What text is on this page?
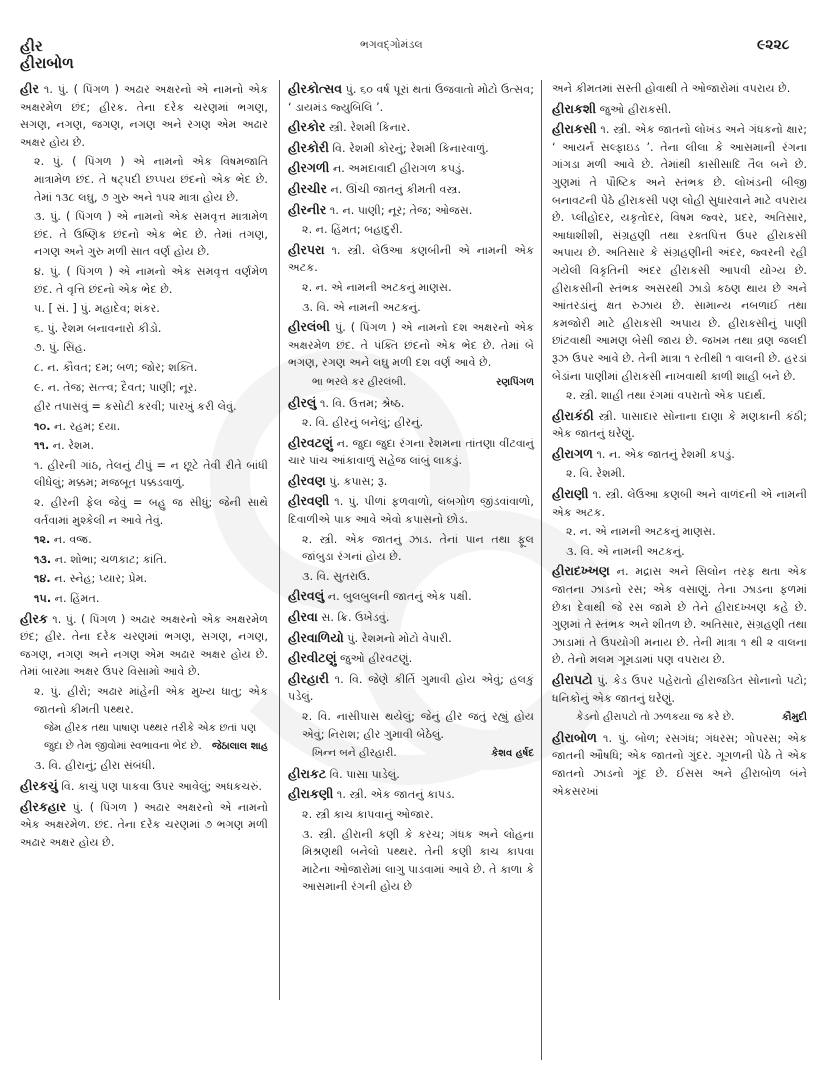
હીર
હીરાબોળ
ભગવદ્ગોમંડલ	૯૨૨૮

હીર ૧. પું. ( પિંગળ ) અઢાર અક્ષરનો એ નામનો એક અક્ષરમેળ છંદ; હીરક. તેના દરેક ચરણમાં ભગણ, સગણ, નગણ, જગણ, નગણ અને રગણ એમ અઢાર અક્ષર હોય છે.

૨. પું. ( પિંગળ ) એ નામનો એક વિષમજાતિ માત્રામેળ છંદ. તે ષટ્પદી છપ્પય છંદનો એક ભેદ છે. તેમાં ૧૩૮ લઘુ, ૭ ગુરુ અને ૧૫૨ માત્રા હોય છે.

૩. પું. ( પિંગળ ) એ નામનો એક સમવૃત્ત માત્રામેળ છંદ. તે ઉષ્ણિક છંદનો એક ભેદ છે. તેમાં તગણ, નગણ અને ગુરુ મળી સાત વર્ણ હોય છે.

૪. પું. ( પિંગળ ) એ નામનો એક સમવૃત્ત વર્ણમેળ છંદ. તે વૃત્તિ છંદનો એક ભેદ છે.

૫. [ સં. ] પું. મહાદેવ; શંકર.

૬. પું. રેશમ બનાવનારો કીડો.

૭. પું. સિંહ.

૮. ન. કૌવત; દમ; બળ; જોર; શક્તિ.

૯. ન. તેજ; સત્ત્વ; દૈવત; પાણી; નૂર.

હીર તપાસવું = કસોટી કરવી; પારખું કરી લેવું.

૧૦. ન. રહમ; દયા.

૧૧. ન. રેશમ.

૧. હીરની ગાંઠ, તેલનું ટીપું = ન છૂટે તેવી રીતે બાંધી લીધેલું; મક્કમ; મજબૂત પક્કડવાળું.

૨. હીરની ફેલ જેવું = બહુ જ સીધું; જેની સાથે વર્તવામાં મુશ્કેલી ન આવે તેવું.

૧૨. ન. વજ્ર.

૧૩. ન. શોભા; ચળકાટ; કાંતિ.

૧૪. ન. સ્નેહ; પ્યાર; પ્રેમ.

૧૫. ન. હિંમત.

હીરક ૧. પું. ( પિંગળ ) અઢાર અક્ષરનો એક અક્ષરમેળ છંદ; હીર. તેના દરેક ચરણમાં ભગણ, સગણ, નગણ, જગણ, નગણ અને નગણ એમ અઢાર અક્ષર હોય છે. તેમાં બારમા અક્ષર ઉપર વિસામો આવે છે.

૨. પું. હીરો; અઢાર માંહેની એક મુખ્ય ધાતુ; એક જાતનો કીમતી પથ્થર.

જેમ હીરક તથા પાષાણ પથ્થર તરીકે એક છતાં પણ જુદા છે તેમ જીવોમાં સ્વભાવના ભેદ છે. જેઠાલાલ શાહ

૩. વિ. હીરાનું; હીરા સંબંધી.

હીરકચું વિ. કાચું પણ પાકવા ઉપર આવેલું; અધકચરું.

હીરકહાર પું. ( પિંગળ ) અઢાર અક્ષરનો એ નામનો એક અક્ષરમેળ. છંદ. તેના દરેક ચરણમાં ૭ ભગણ મળી અઢાર અક્ષર હોય છે.

હીરકોત્સવ પું. ૬૦ વર્ષ પૂરાં થતાં ઉજવાતો મોટો ઉત્સવ; ‘ ડાયમંડ જ્યુબિલિ ’.

હીરકોર સ્ત્રી. રેશમી કિનાર.

હીરકોરી વિ. રેશમી કોરનું; રેશમી કિનારવાળું.

હીરગળી ન. અમદાવાદી હીરાગળ કપડું.

હીરચીર ન. ઊંચી જાતનું કીમતી વસ્ત્ર.

હીરનીર ૧. ન. પાણી; નૂર; તેજ; ઓજસ.

૨. ન. હિંમત; બહાદુરી.

હીરપરા ૧. સ્ત્રી. લેઉઆ કણબીની એ નામની એક અટક.

૨. ન. એ નામની અટકનું માણસ.

૩. વિ. એ નામની અટકનું.

હીરલંબી પું. ( પિંગળ ) એ નામનો દશ અક્ષરનો એક અક્ષરમેળ છંદ. તે પંક્તિ છંદનો એક ભેદ છે. તેમાં બે ભગણ, રગણ અને લઘુ મળી દશ વર્ણ આવે છે.

ભા ભરલે કર હીરલંબી.	રણપિંગળ

હીરલું ૧. વિ. ઉત્તમ; શ્રેષ્ઠ.

૨. વિ. હીરનું બનેલું; હીરનું.

હીરવટણું ન. જુદા જુદા રંગના રેશમના તાંતણા વીંટવાનું ચાર પાંચ આંકાવાળું સહેજ લાંબું લાકડું.

હીરવણ પું. કપાસ; રૂ.

હીરવણી ૧. પું. પીળાં ફળવાળો, લંબગોળ જીંડવાંવાળો, દિવાળીએ પાક આવે એવો કપાસનો છોડ.

૨. સ્ત્રી. એક જાતનું ઝાડ. તેનાં પાન તથા ફૂલ જાંબુડા રંગનાં હોય છે.

૩. વિ. સુતરાઉ.

હીરવલું ન. બુલબુલની જાતનું એક પક્ષી.

હીરવા સ. ક્રિ. ઉખેડવું.

હીરવાળિયો પું. રેશમનો મોટો વેપારી.

હીરવીટણું જુઓ હીરવટણું.

હીરહારી ૧. વિ. જેણે કીર્તિ ગુમાવી હોય એવું; હલકું પડેલું.

૨. વિ. નાસીપાસ થયેલું; જેનું હીર જતું રહ્યું હોય એવું; નિરાશ; હીર ગુમાવી બેઠેલું.

ખિન્ન બને હીરહારી.	કેશવ હર્ષદ

હીરાકટ વિ. પાસા પાડેલું.

હીરાકણી ૧. સ્ત્રી. એક જાતનું કાપડ.

૨. સ્ત્રી કાચ કાપવાનું ઓજાર.

૩. સ્ત્રી. હીરાની કણી કે કરચ; ગંધક અને લોહના મિશ્રણથી બનેલો પથ્થર. તેની કણી કાચ કાપવા માટેના ઓજારોમાં લાગુ પાડવામાં આવે છે. તે કાળા કે આસમાની રંગની હોય છે

અને કીમતમાં સસ્તી હોવાથી તે ઓજારોમાં વપરાય છે.

હીરાકશી જુઓ હીરાકસી.

હીરાકસી ૧. સ્ત્રી. એક જાતનો લોખંડ અને ગંધકનો ક્ષાર; ‘ આયર્ન સલ્ફાઇડ ’. તેના લીલા કે આસમાની રંગના ગાંગડા મળી આવે છે. તેમાંથી કાસીસાદિ તૈલ બને છે. ગુણમાં તે પૌષ્ટિક અને સ્તંભક છે. લોખંડની બીજી બનાવટની પેઠે હીરાકસી પણ લોહી સુધારવાને માટે વપરાય છે. પ્લીહોદર, યકૃતોદર, વિષમ જ્વર, પ્રદર, અતિસાર, આધાશીશી, સંગ્રહણી તથા રક્તપિત્ત ઉપર હીરાકસી અપાય છે. અતિસાર કે સંગ્રહણીની અંદર, જ્વરની રહી ગયેલી વિકૃતિની અંદર હીરાકસી આપવી યોગ્ય છે. હીરાકસીની સ્તંભક અસરથી ઝાડો કઠણ થાય છે અને આંતરડાંનું ક્ષત રુઝાય છે. સામાન્ય નબળાઈ તથા કમજોરી માટે હીરાકસી અપાય છે. હીરાકસીનું પાણી છાંટવાથી આમણ બેસી જાય છે. જખમ તથા વ્રણ જલદી રૂઝ ઉપર આવે છે. તેની માત્રા ૧ રતીથી ૧ વાલની છે. હરડાં બેડાંના પાણીમાં હીરાકસી નાખવાથી કાળી શાહી બને છે.

૨. સ્ત્રી. શાહી તથા રંગમાં વપરાતો એક પદાર્થ.

હીરાકંઠી સ્ત્રી. પાસાદાર સોનાના દાણા કે મણકાની કંઠી; એક જાતનું ઘરેણું.

હીરાગળ ૧. ન. એક જાતનું રેશમી કપડું.

૨. વિ. રેશમી.

હીરાણી ૧. સ્ત્રી. લેઉઆ કણબી અને વાળંદની એ નામની એક અટક.

૨. ન. એ નામની અટકનું માણસ.

૩. વિ. એ નામની અટકનું.

હીરાદખ્ખણ ન. મદ્રાસ અને સિલોન તરફ થતા એક જાતના ઝાડનો રસ; એક વસાણું. તેના ઝાડના ફળમાં છેકા દેવાથી જે રસ જામે છે તેને હીરાદખ્ખણ કહે છે. ગુણમાં તે સ્તંભક અને શીતળ છે. અતિસાર, સંગ્રહણી તથા ઝાડામાં તે ઉપયોગી મનાય છે. તેની માત્રા ૧ થી ૨ વાલના છે. તેનો મલમ ગૂમડામાં પણ વપરાય છે.

હીરાપટો પું. કેડ ઉપર પહેરાતો હીરાજડિત સોનાનો પટો; ધનિકોનું એક જાતનું ઘરેણું.

કેડનો હીરાપટો તો ઝળકયા જ કરે છે.	કૌમુદી

હીરાબોળ ૧. પું. બોળ; રસગંધ; ગંધરસ; ગોપરસ; એક જાતની ઔષધિ; એક જાતનો ગુંદર. ગૂગળની પેઠે તે એક જાતનો ઝાડનો ગૂંદ છે. ઈસસ અને હીરાબોળ બંને એકસરખાં
